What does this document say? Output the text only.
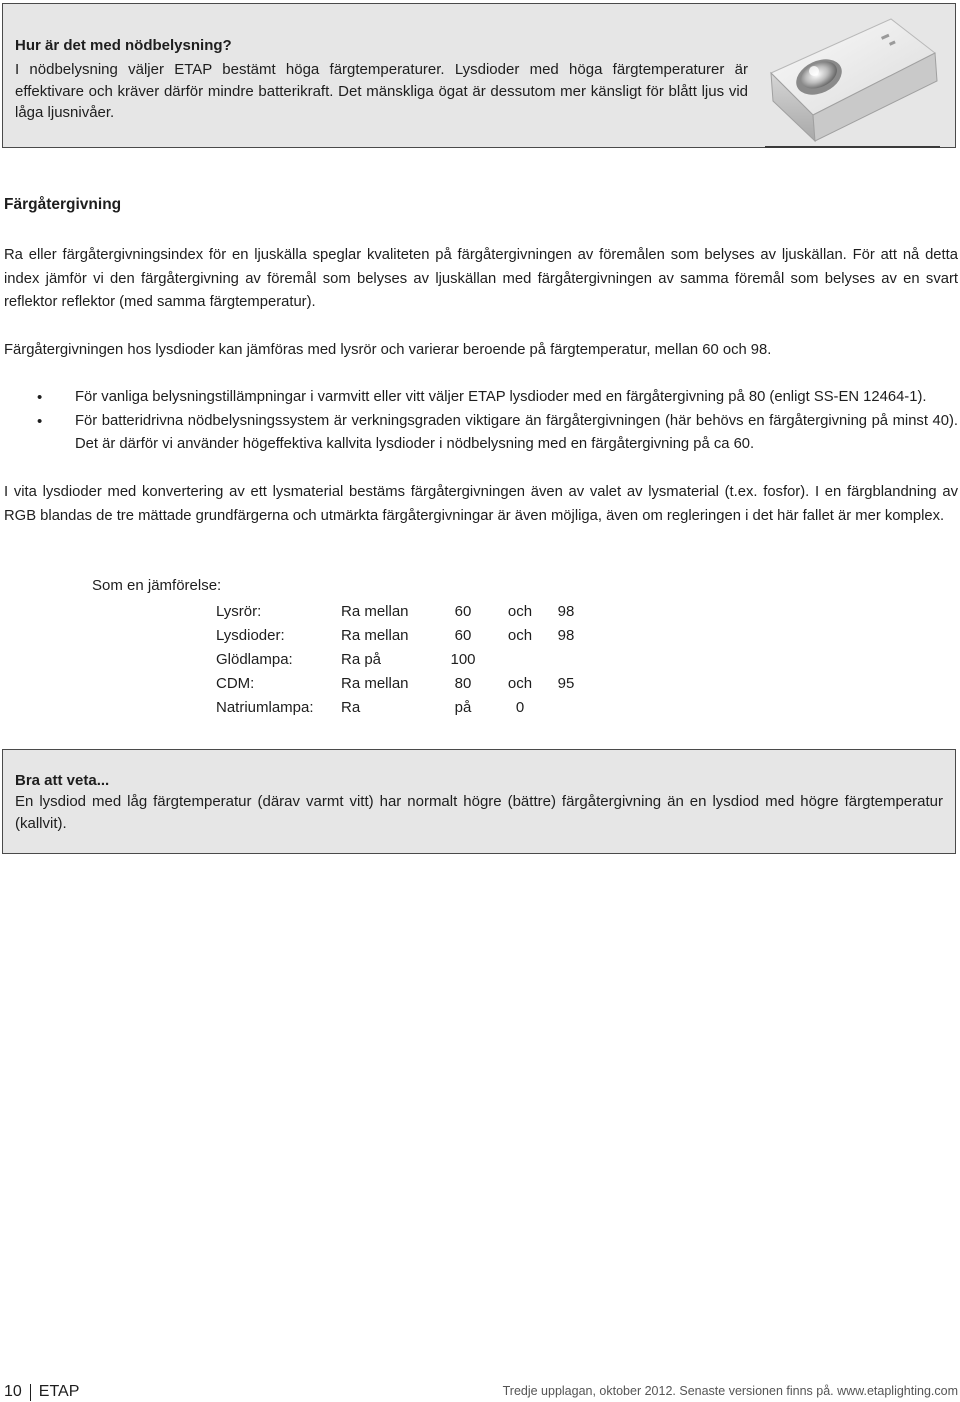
Hur är det med nödbelysning?
I nödbelysning väljer ETAP bestämt höga färgtemperaturer. Lysdioder med höga färgtemperaturer är effektivare och kräver därför mindre batterikraft. Det mänskliga ögat är dessutom mer känsligt för blått ljus vid låga ljusnivåer.
Färgåtergivning
Ra eller färgåtergivningsindex för en ljuskälla speglar kvaliteten på färgåtergivningen av föremålen som belyses av ljuskällan. För att nå detta index jämför vi den färgåtergivning av föremål som belyses av ljuskällan med färgåtergivningen av samma föremål som belyses av en svart reflektor reflektor (med samma färgtemperatur).
Färgåtergivningen hos lysdioder kan jämföras med lysrör och varierar beroende på färgtemperatur, mellan 60 och 98.
• För vanliga belysningstillämpningar i varmvitt eller vitt väljer ETAP lysdioder med en färgåtergivning på 80 (enligt SS-EN 12464-1).
• För batteridrivna nödbelysningssystem är verkningsgraden viktigare än färgåtergivningen (här behövs en färgåtergivning på minst 40). Det är därför vi använder högeffektiva kallvita lysdioder i nödbelysning med en färgåtergivning på ca 60.
I vita lysdioder med konvertering av ett lysmaterial bestäms färgåtergivningen även av valet av lysmaterial (t.ex. fosfor). I en färgblandning av RGB blandas de tre mättade grundfärgerna och utmärkta färgåtergivningar är även möjliga, även om regleringen i det här fallet är mer komplex.
Som en jämförelse:
Lysrör:	Ra mellan	60	och	98
Lysdioder:	Ra mellan	60	och	98
Glödlampa:	Ra på	100		
CDM:	Ra mellan	80	och	95
Natriumlampa:	Ra	på	0	
Bra att veta...
En lysdiod med låg färgtemperatur (därav varmt vitt) har normalt högre (bättre) färgåtergivning än en lysdiod med högre färgtemperatur (kallvit).
10 ETAP	Tredje upplagan, oktober 2012. Senaste versionen finns på. www.etaplighting.com
